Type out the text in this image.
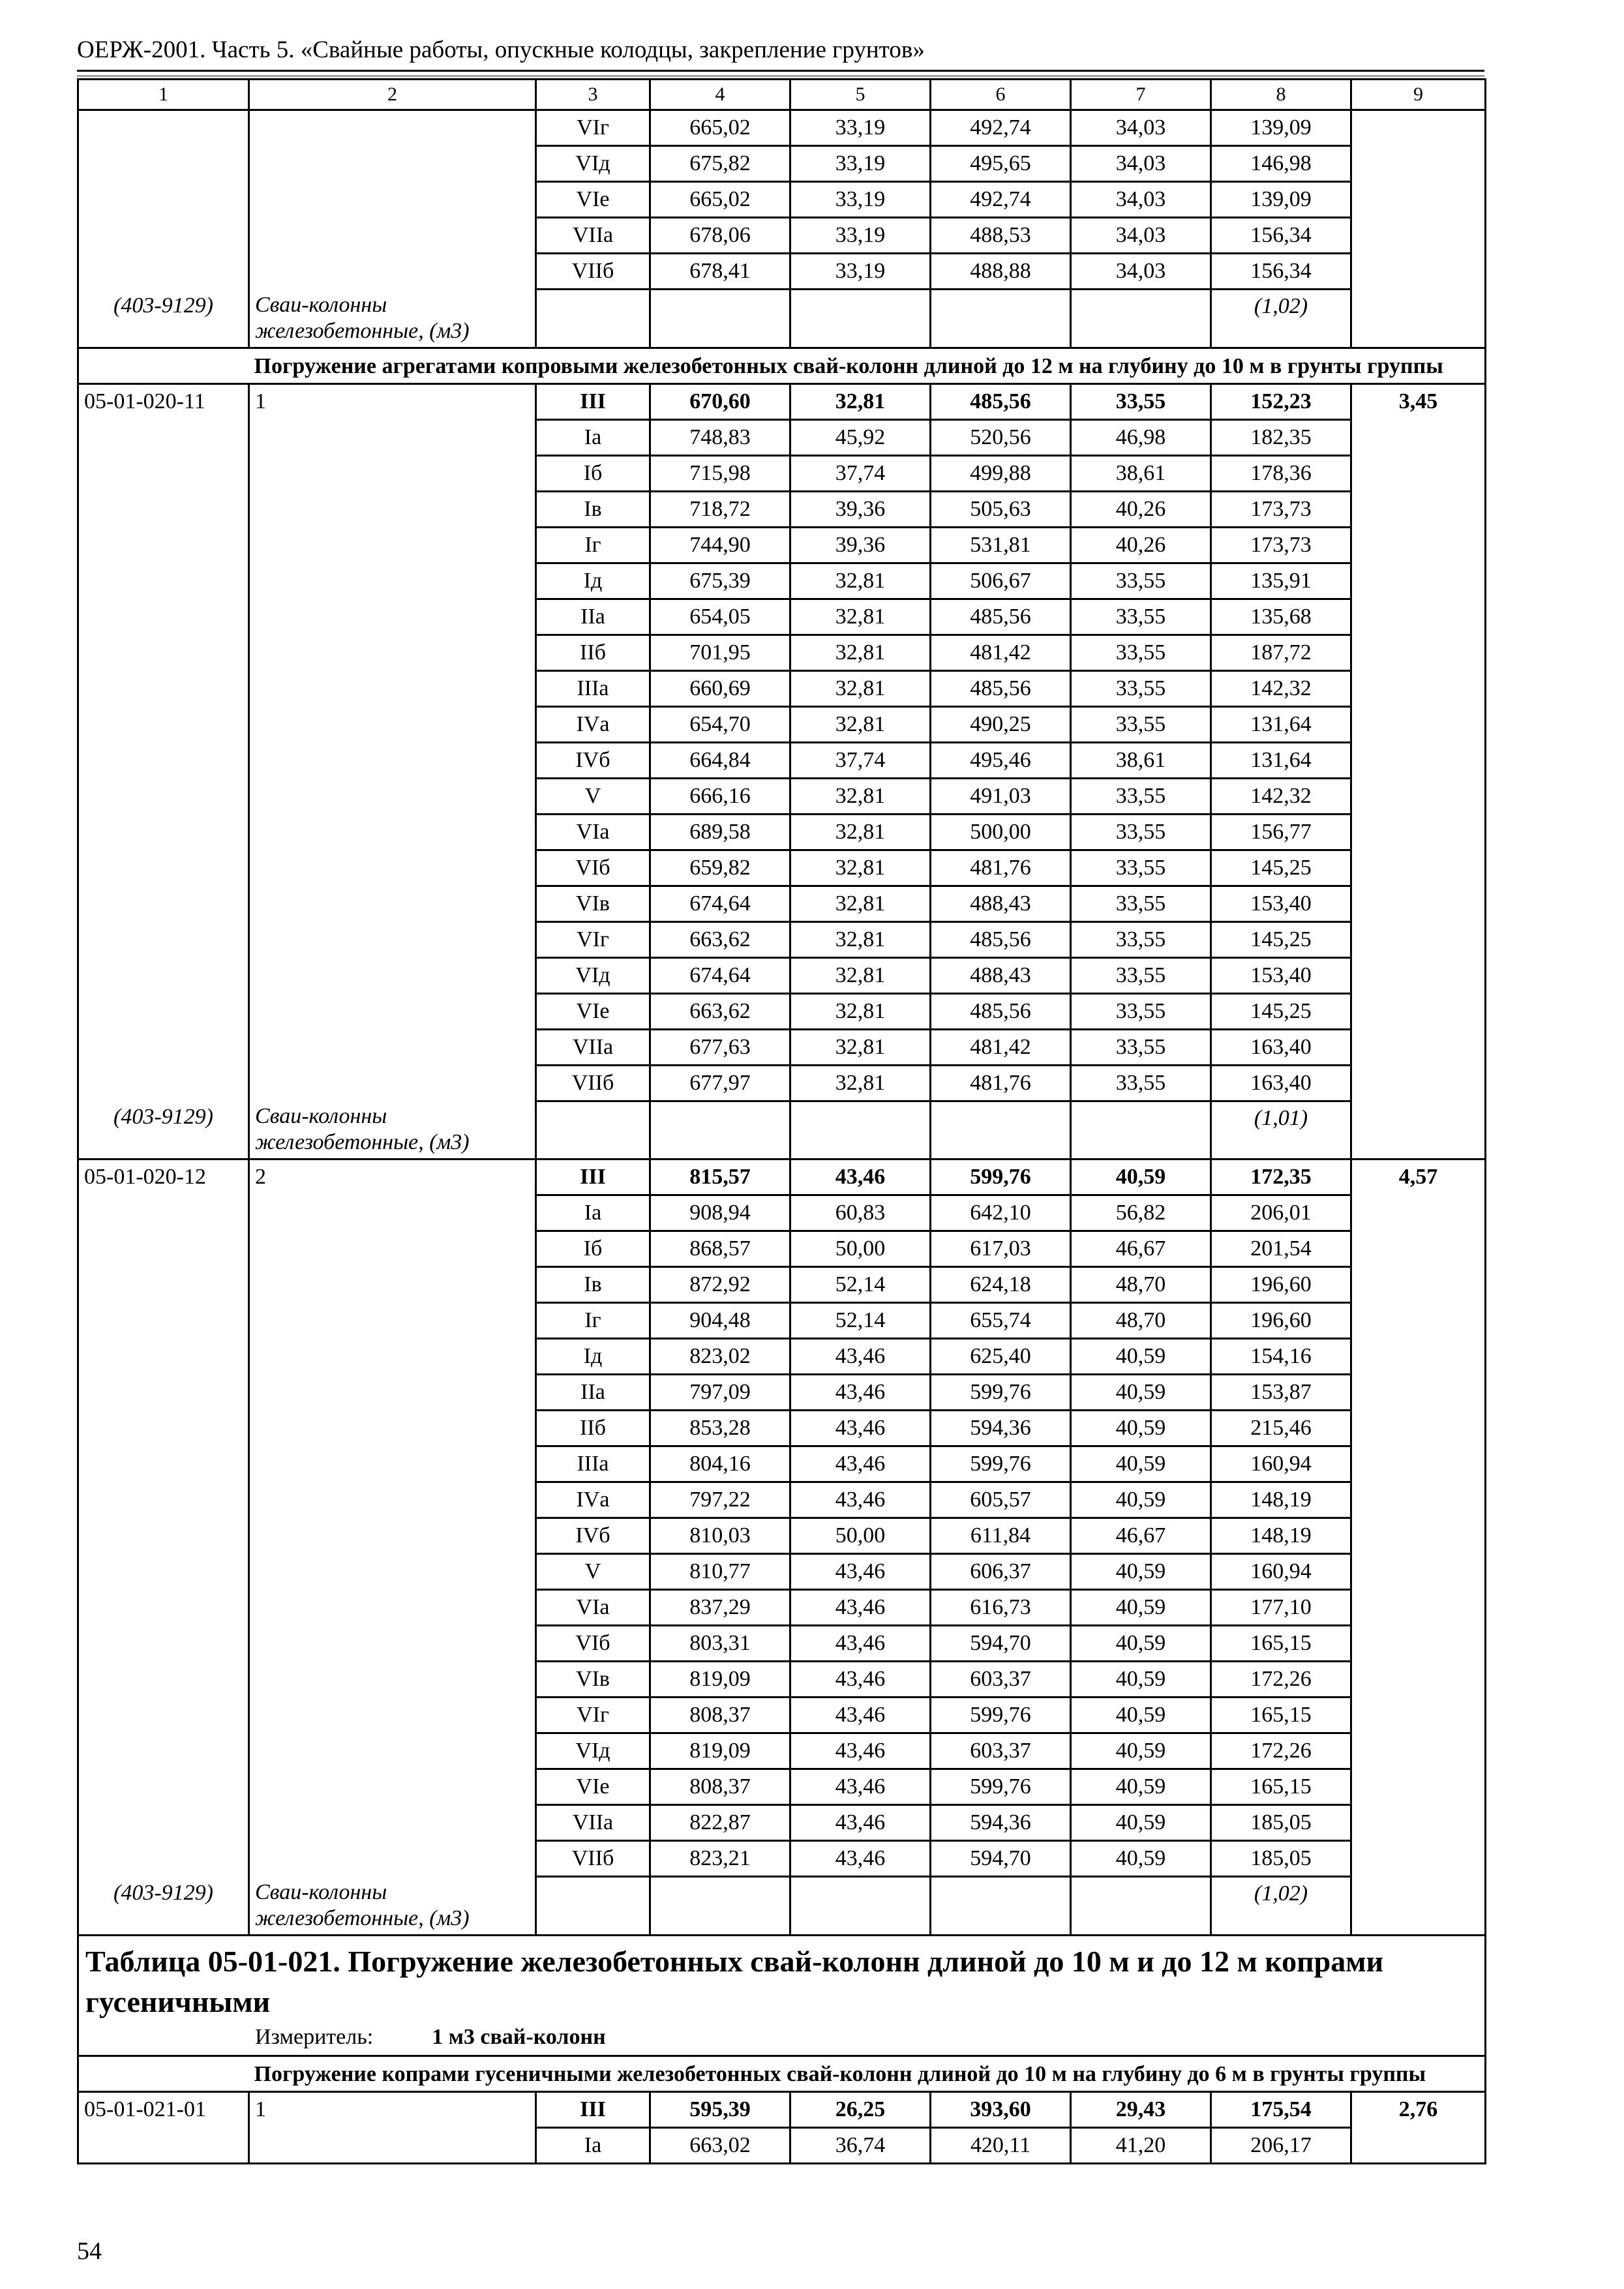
ОЕРЖ-2001. Часть 5. «Свайные работы, опускные колодцы, закрепление грунтов»
1	2	3	4	5	6	7	8	9
		VIг	665,02	33,19	492,74	34,03	139,09	
		VIд	675,82	33,19	495,65	34,03	146,98	
		VIе	665,02	33,19	492,74	34,03	139,09	
		VIIа	678,06	33,19	488,53	34,03	156,34	
		VIIб	678,41	33,19	488,88	34,03	156,34	
(403-9129)	Сваи-колонны железобетонные, (м3)						(1,02)	
	Погружение агрегатами копровыми железобетонных свай-колонн длиной до 12 м на глубину до 10 м в грунты группы							
05-01-020-11	1	III	670,60	32,81	485,56	33,55	152,23	3,45
		Iа	748,83	45,92	520,56	46,98	182,35	
		Iб	715,98	37,74	499,88	38,61	178,36	
		Iв	718,72	39,36	505,63	40,26	173,73	
		Iг	744,90	39,36	531,81	40,26	173,73	
		Iд	675,39	32,81	506,67	33,55	135,91	
		IIа	654,05	32,81	485,56	33,55	135,68	
		IIб	701,95	32,81	481,42	33,55	187,72	
		IIIа	660,69	32,81	485,56	33,55	142,32	
		IVа	654,70	32,81	490,25	33,55	131,64	
		IVб	664,84	37,74	495,46	38,61	131,64	
		V	666,16	32,81	491,03	33,55	142,32	
		VIа	689,58	32,81	500,00	33,55	156,77	
		VIб	659,82	32,81	481,76	33,55	145,25	
		VIв	674,64	32,81	488,43	33,55	153,40	
		VIг	663,62	32,81	485,56	33,55	145,25	
		VIд	674,64	32,81	488,43	33,55	153,40	
		VIе	663,62	32,81	485,56	33,55	145,25	
		VIIа	677,63	32,81	481,42	33,55	163,40	
		VIIб	677,97	32,81	481,76	33,55	163,40	
(403-9129)	Сваи-колонны железобетонные, (м3)						(1,01)	
05-01-020-12	2	III	815,57	43,46	599,76	40,59	172,35	4,57
		Iа	908,94	60,83	642,10	56,82	206,01	
		Iб	868,57	50,00	617,03	46,67	201,54	
		Iв	872,92	52,14	624,18	48,70	196,60	
		Iг	904,48	52,14	655,74	48,70	196,60	
		Iд	823,02	43,46	625,40	40,59	154,16	
		IIа	797,09	43,46	599,76	40,59	153,87	
		IIб	853,28	43,46	594,36	40,59	215,46	
		IIIа	804,16	43,46	599,76	40,59	160,94	
		IVа	797,22	43,46	605,57	40,59	148,19	
		IVб	810,03	50,00	611,84	46,67	148,19	
		V	810,77	43,46	606,37	40,59	160,94	
		VIа	837,29	43,46	616,73	40,59	177,10	
		VIб	803,31	43,46	594,70	40,59	165,15	
		VIв	819,09	43,46	603,37	40,59	172,26	
		VIг	808,37	43,46	599,76	40,59	165,15	
		VIд	819,09	43,46	603,37	40,59	172,26	
		VIе	808,37	43,46	599,76	40,59	165,15	
		VIIа	822,87	43,46	594,36	40,59	185,05	
		VIIб	823,21	43,46	594,70	40,59	185,05	
(403-9129)	Сваи-колонны железобетонные, (м3)						(1,02)	
Таблица 05-01-021. Погружение железобетонных свай-колонн длиной до 10 м и до 12 м копрами гусеничными								
Измеритель: 1 м3 свай-колонн								
	Погружение копрами гусеничными железобетонных свай-колонн длиной до 10 м на глубину до 6 м в грунты группы							
05-01-021-01	1	III	595,39	26,25	393,60	29,43	175,54	2,76
		Iа	663,02	36,74	420,11	41,20	206,17	
54
